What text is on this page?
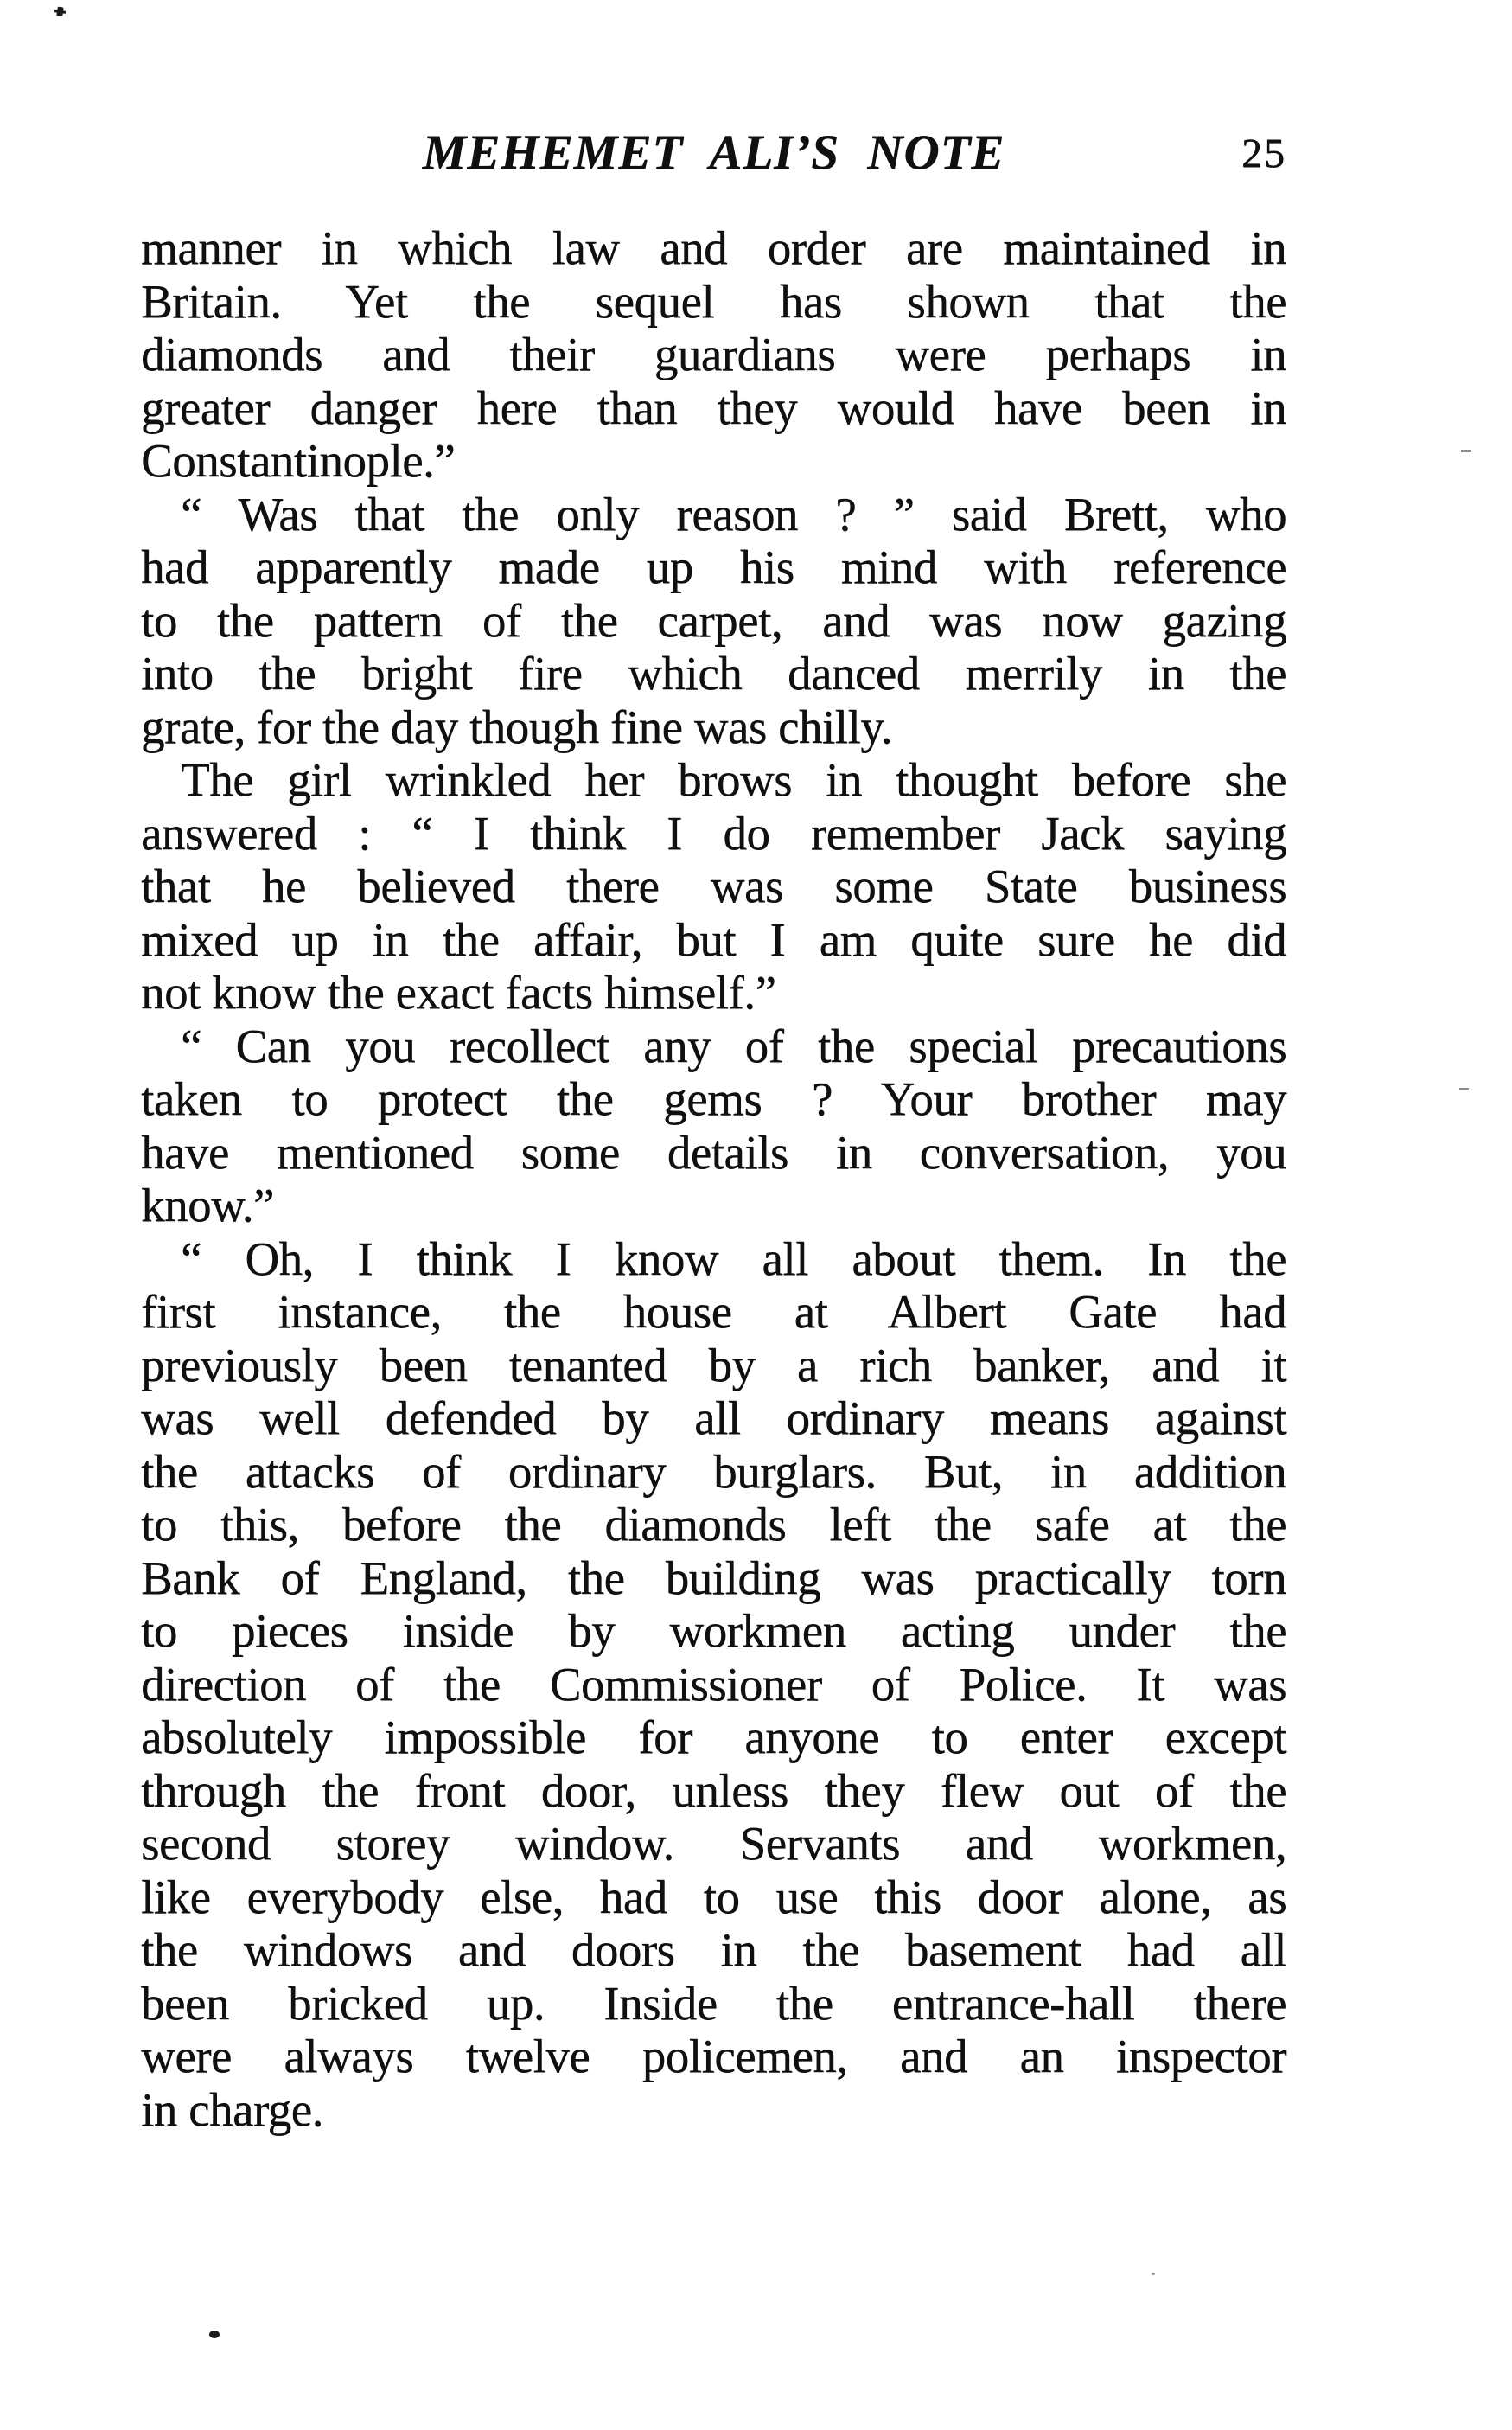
MEHEMET ALI’S NOTE	25
manner in which law and order are maintained in
Britain. Yet the sequel has shown that the
diamonds and their guardians were perhaps in
greater danger here than they would have been in
Constantinople.”
“ Was that the only reason ? ” said Brett, who
had apparently made up his mind with reference
to the pattern of the carpet, and was now gazing
into the bright fire which danced merrily in the
grate, for the day though fine was chilly.
The girl wrinkled her brows in thought before she
answered : “ I think I do remember Jack saying
that he believed there was some State business
mixed up in the affair, but I am quite sure he did
not know the exact facts himself.”
“ Can you recollect any of the special precautions
taken to protect the gems ? Your brother may
have mentioned some details in conversation, you
know.”
“ Oh, I think I know all about them. In the
first instance, the house at Albert Gate had
previously been tenanted by a rich banker, and it
was well defended by all ordinary means against
the attacks of ordinary burglars. But, in addition
to this, before the diamonds left the safe at the
Bank of England, the building was practically torn
to pieces inside by workmen acting under the
direction of the Commissioner of Police. It was
absolutely impossible for anyone to enter except
through the front door, unless they flew out of the
second storey window. Servants and workmen,
like everybody else, had to use this door alone, as
the windows and doors in the basement had all
been bricked up. Inside the entrance-hall there
were always twelve policemen, and an inspector
in charge.
